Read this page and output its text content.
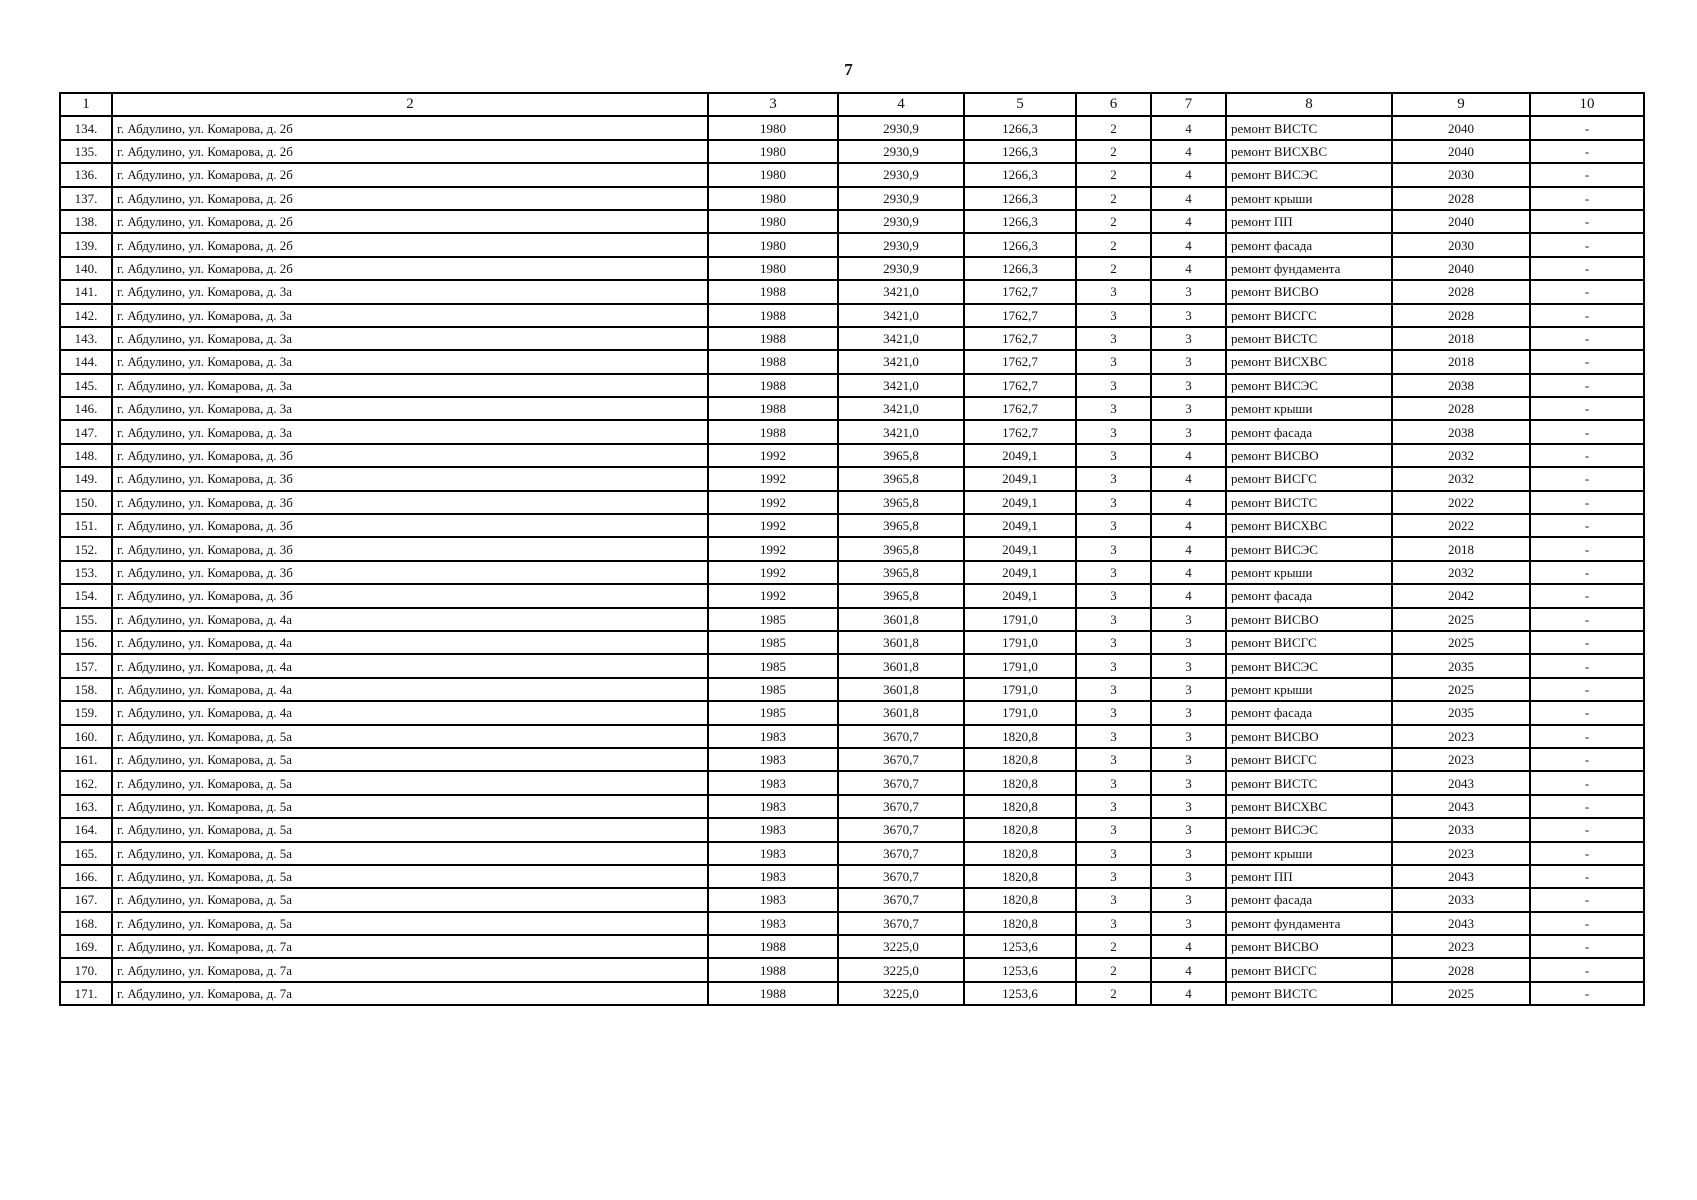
7
1	2	3	4	5	6	7	8	9	10
134.	г. Абдулино, ул. Комарова, д. 2б	1980	2930,9	1266,3	2	4	ремонт ВИСТС	2040	-
135.	г. Абдулино, ул. Комарова, д. 2б	1980	2930,9	1266,3	2	4	ремонт ВИСХВС	2040	-
136.	г. Абдулино, ул. Комарова, д. 2б	1980	2930,9	1266,3	2	4	ремонт ВИСЭС	2030	-
137.	г. Абдулино, ул. Комарова, д. 2б	1980	2930,9	1266,3	2	4	ремонт крыши	2028	-
138.	г. Абдулино, ул. Комарова, д. 2б	1980	2930,9	1266,3	2	4	ремонт ПП	2040	-
139.	г. Абдулино, ул. Комарова, д. 2б	1980	2930,9	1266,3	2	4	ремонт фасада	2030	-
140.	г. Абдулино, ул. Комарова, д. 2б	1980	2930,9	1266,3	2	4	ремонт фундамента	2040	-
141.	г. Абдулино, ул. Комарова, д. 3а	1988	3421,0	1762,7	3	3	ремонт ВИСВО	2028	-
142.	г. Абдулино, ул. Комарова, д. 3а	1988	3421,0	1762,7	3	3	ремонт ВИСГС	2028	-
143.	г. Абдулино, ул. Комарова, д. 3а	1988	3421,0	1762,7	3	3	ремонт ВИСТС	2018	-
144.	г. Абдулино, ул. Комарова, д. 3а	1988	3421,0	1762,7	3	3	ремонт ВИСХВС	2018	-
145.	г. Абдулино, ул. Комарова, д. 3а	1988	3421,0	1762,7	3	3	ремонт ВИСЭС	2038	-
146.	г. Абдулино, ул. Комарова, д. 3а	1988	3421,0	1762,7	3	3	ремонт крыши	2028	-
147.	г. Абдулино, ул. Комарова, д. 3а	1988	3421,0	1762,7	3	3	ремонт фасада	2038	-
148.	г. Абдулино, ул. Комарова, д. 3б	1992	3965,8	2049,1	3	4	ремонт ВИСВО	2032	-
149.	г. Абдулино, ул. Комарова, д. 3б	1992	3965,8	2049,1	3	4	ремонт ВИСГС	2032	-
150.	г. Абдулино, ул. Комарова, д. 3б	1992	3965,8	2049,1	3	4	ремонт ВИСТС	2022	-
151.	г. Абдулино, ул. Комарова, д. 3б	1992	3965,8	2049,1	3	4	ремонт ВИСХВС	2022	-
152.	г. Абдулино, ул. Комарова, д. 3б	1992	3965,8	2049,1	3	4	ремонт ВИСЭС	2018	-
153.	г. Абдулино, ул. Комарова, д. 3б	1992	3965,8	2049,1	3	4	ремонт крыши	2032	-
154.	г. Абдулино, ул. Комарова, д. 3б	1992	3965,8	2049,1	3	4	ремонт фасада	2042	-
155.	г. Абдулино, ул. Комарова, д. 4а	1985	3601,8	1791,0	3	3	ремонт ВИСВО	2025	-
156.	г. Абдулино, ул. Комарова, д. 4а	1985	3601,8	1791,0	3	3	ремонт ВИСГС	2025	-
157.	г. Абдулино, ул. Комарова, д. 4а	1985	3601,8	1791,0	3	3	ремонт ВИСЭС	2035	-
158.	г. Абдулино, ул. Комарова, д. 4а	1985	3601,8	1791,0	3	3	ремонт крыши	2025	-
159.	г. Абдулино, ул. Комарова, д. 4а	1985	3601,8	1791,0	3	3	ремонт фасада	2035	-
160.	г. Абдулино, ул. Комарова, д. 5а	1983	3670,7	1820,8	3	3	ремонт ВИСВО	2023	-
161.	г. Абдулино, ул. Комарова, д. 5а	1983	3670,7	1820,8	3	3	ремонт ВИСГС	2023	-
162.	г. Абдулино, ул. Комарова, д. 5а	1983	3670,7	1820,8	3	3	ремонт ВИСТС	2043	-
163.	г. Абдулино, ул. Комарова, д. 5а	1983	3670,7	1820,8	3	3	ремонт ВИСХВС	2043	-
164.	г. Абдулино, ул. Комарова, д. 5а	1983	3670,7	1820,8	3	3	ремонт ВИСЭС	2033	-
165.	г. Абдулино, ул. Комарова, д. 5а	1983	3670,7	1820,8	3	3	ремонт крыши	2023	-
166.	г. Абдулино, ул. Комарова, д. 5а	1983	3670,7	1820,8	3	3	ремонт ПП	2043	-
167.	г. Абдулино, ул. Комарова, д. 5а	1983	3670,7	1820,8	3	3	ремонт фасада	2033	-
168.	г. Абдулино, ул. Комарова, д. 5а	1983	3670,7	1820,8	3	3	ремонт фундамента	2043	-
169.	г. Абдулино, ул. Комарова, д. 7а	1988	3225,0	1253,6	2	4	ремонт ВИСВО	2023	-
170.	г. Абдулино, ул. Комарова, д. 7а	1988	3225,0	1253,6	2	4	ремонт ВИСГС	2028	-
171.	г. Абдулино, ул. Комарова, д. 7а	1988	3225,0	1253,6	2	4	ремонт ВИСТС	2025	-
